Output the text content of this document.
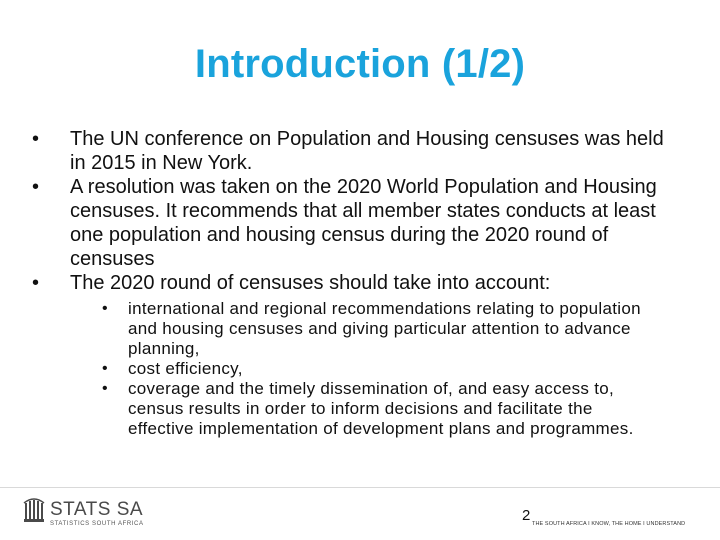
Introduction (1/2)
•	The UN conference on Population and Housing censuses was held in 2015 in New York.
•	A resolution was taken on the 2020 World Population and Housing censuses. It recommends that all member states conducts at least one population and housing census during the 2020 round of censuses
•	The 2020 round of censuses should take into account:
• international and regional recommendations relating to population and housing censuses and giving particular attention to advance planning,
• cost efficiency,
• coverage and the timely dissemination of, and easy access to, census results in order to inform decisions and facilitate the effective implementation of development plans and programmes.
STATS SA
STATISTICS SOUTH AFRICA	2 THE SOUTH AFRICA I KNOW, THE HOME I UNDERSTAND
